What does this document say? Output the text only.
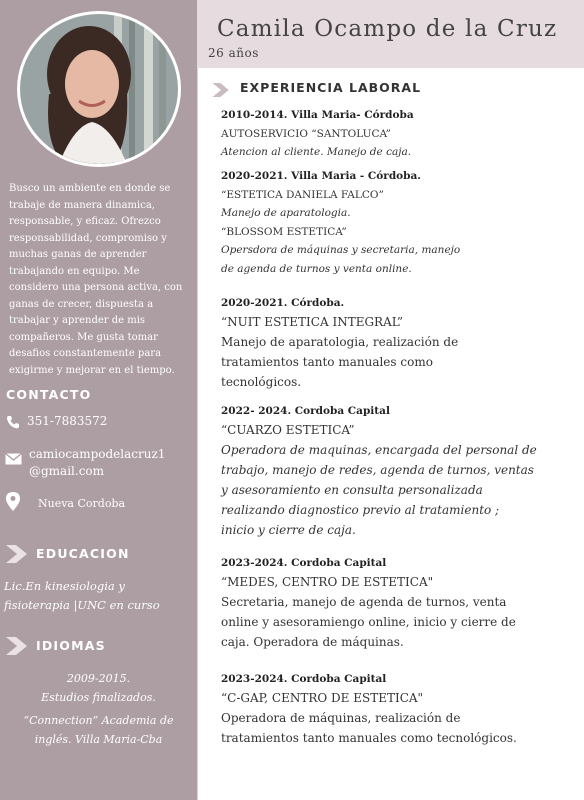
Busco un ambiente en donde se trabaje de manera dinamica, responsable, y eficaz. Ofrezco responsabilidad, compromiso y muchas ganas de aprender trabajando en equipo. Me considero una persona activa, con ganas de crecer, dispuesta a trabajar y aprender de mis compañeros. Me gusta tomar desafios constantemente para exigirme y mejorar en el tiempo.

CONTACTO
351-7883572
camiocampodelacruz1
@gmail.com
Nueva Cordoba
EDUCACION
Lic.En kinesiologia y
fisioterapia |UNC en curso
IDIOMAS
2009-2015.
Estudios finalizados.
“Connection” Academia de
inglés. Villa Maria-Cba
Camila Ocampo de la Cruz
26 años
EXPERIENCIA LABORAL

2010-2014. Villa Maria- Córdoba

AUTOSERVICIO “SANTOLUCA”

Atencion al cliente. Manejo de caja.

2020-2021. Villa Maria - Córdoba.

“ESTETICA DANIELA FALCO”

Manejo de aparatologia.

“BLOSSOM ESTETICA”

Opersdora de máquinas y secretaria, manejo

de agenda de turnos y venta online.

2020-2021. Córdoba.

“NUIT ESTETICA INTEGRAL”

Manejo de aparatologia, realización de

tratamientos tanto manuales como

tecnológicos.

2022- 2024. Cordoba Capital

“CUARZO ESTETICA”

Operadora de maquinas, encargada del personal de

trabajo, manejo de redes, agenda de turnos, ventas

y asesoramiento en consulta personalizada

realizando diagnostico previo al tratamiento ;

inicio y cierre de caja.

2023-2024. Cordoba Capital

“MEDES, CENTRO DE ESTETICA"

Secretaria, manejo de agenda de turnos, venta

online y asesoramiengo online, inicio y cierre de

caja. Operadora de máquinas.

2023-2024. Cordoba Capital

“C-GAP, CENTRO DE ESTETICA"

Operadora de máquinas, realización de

tratamientos tanto manuales como tecnológicos.
